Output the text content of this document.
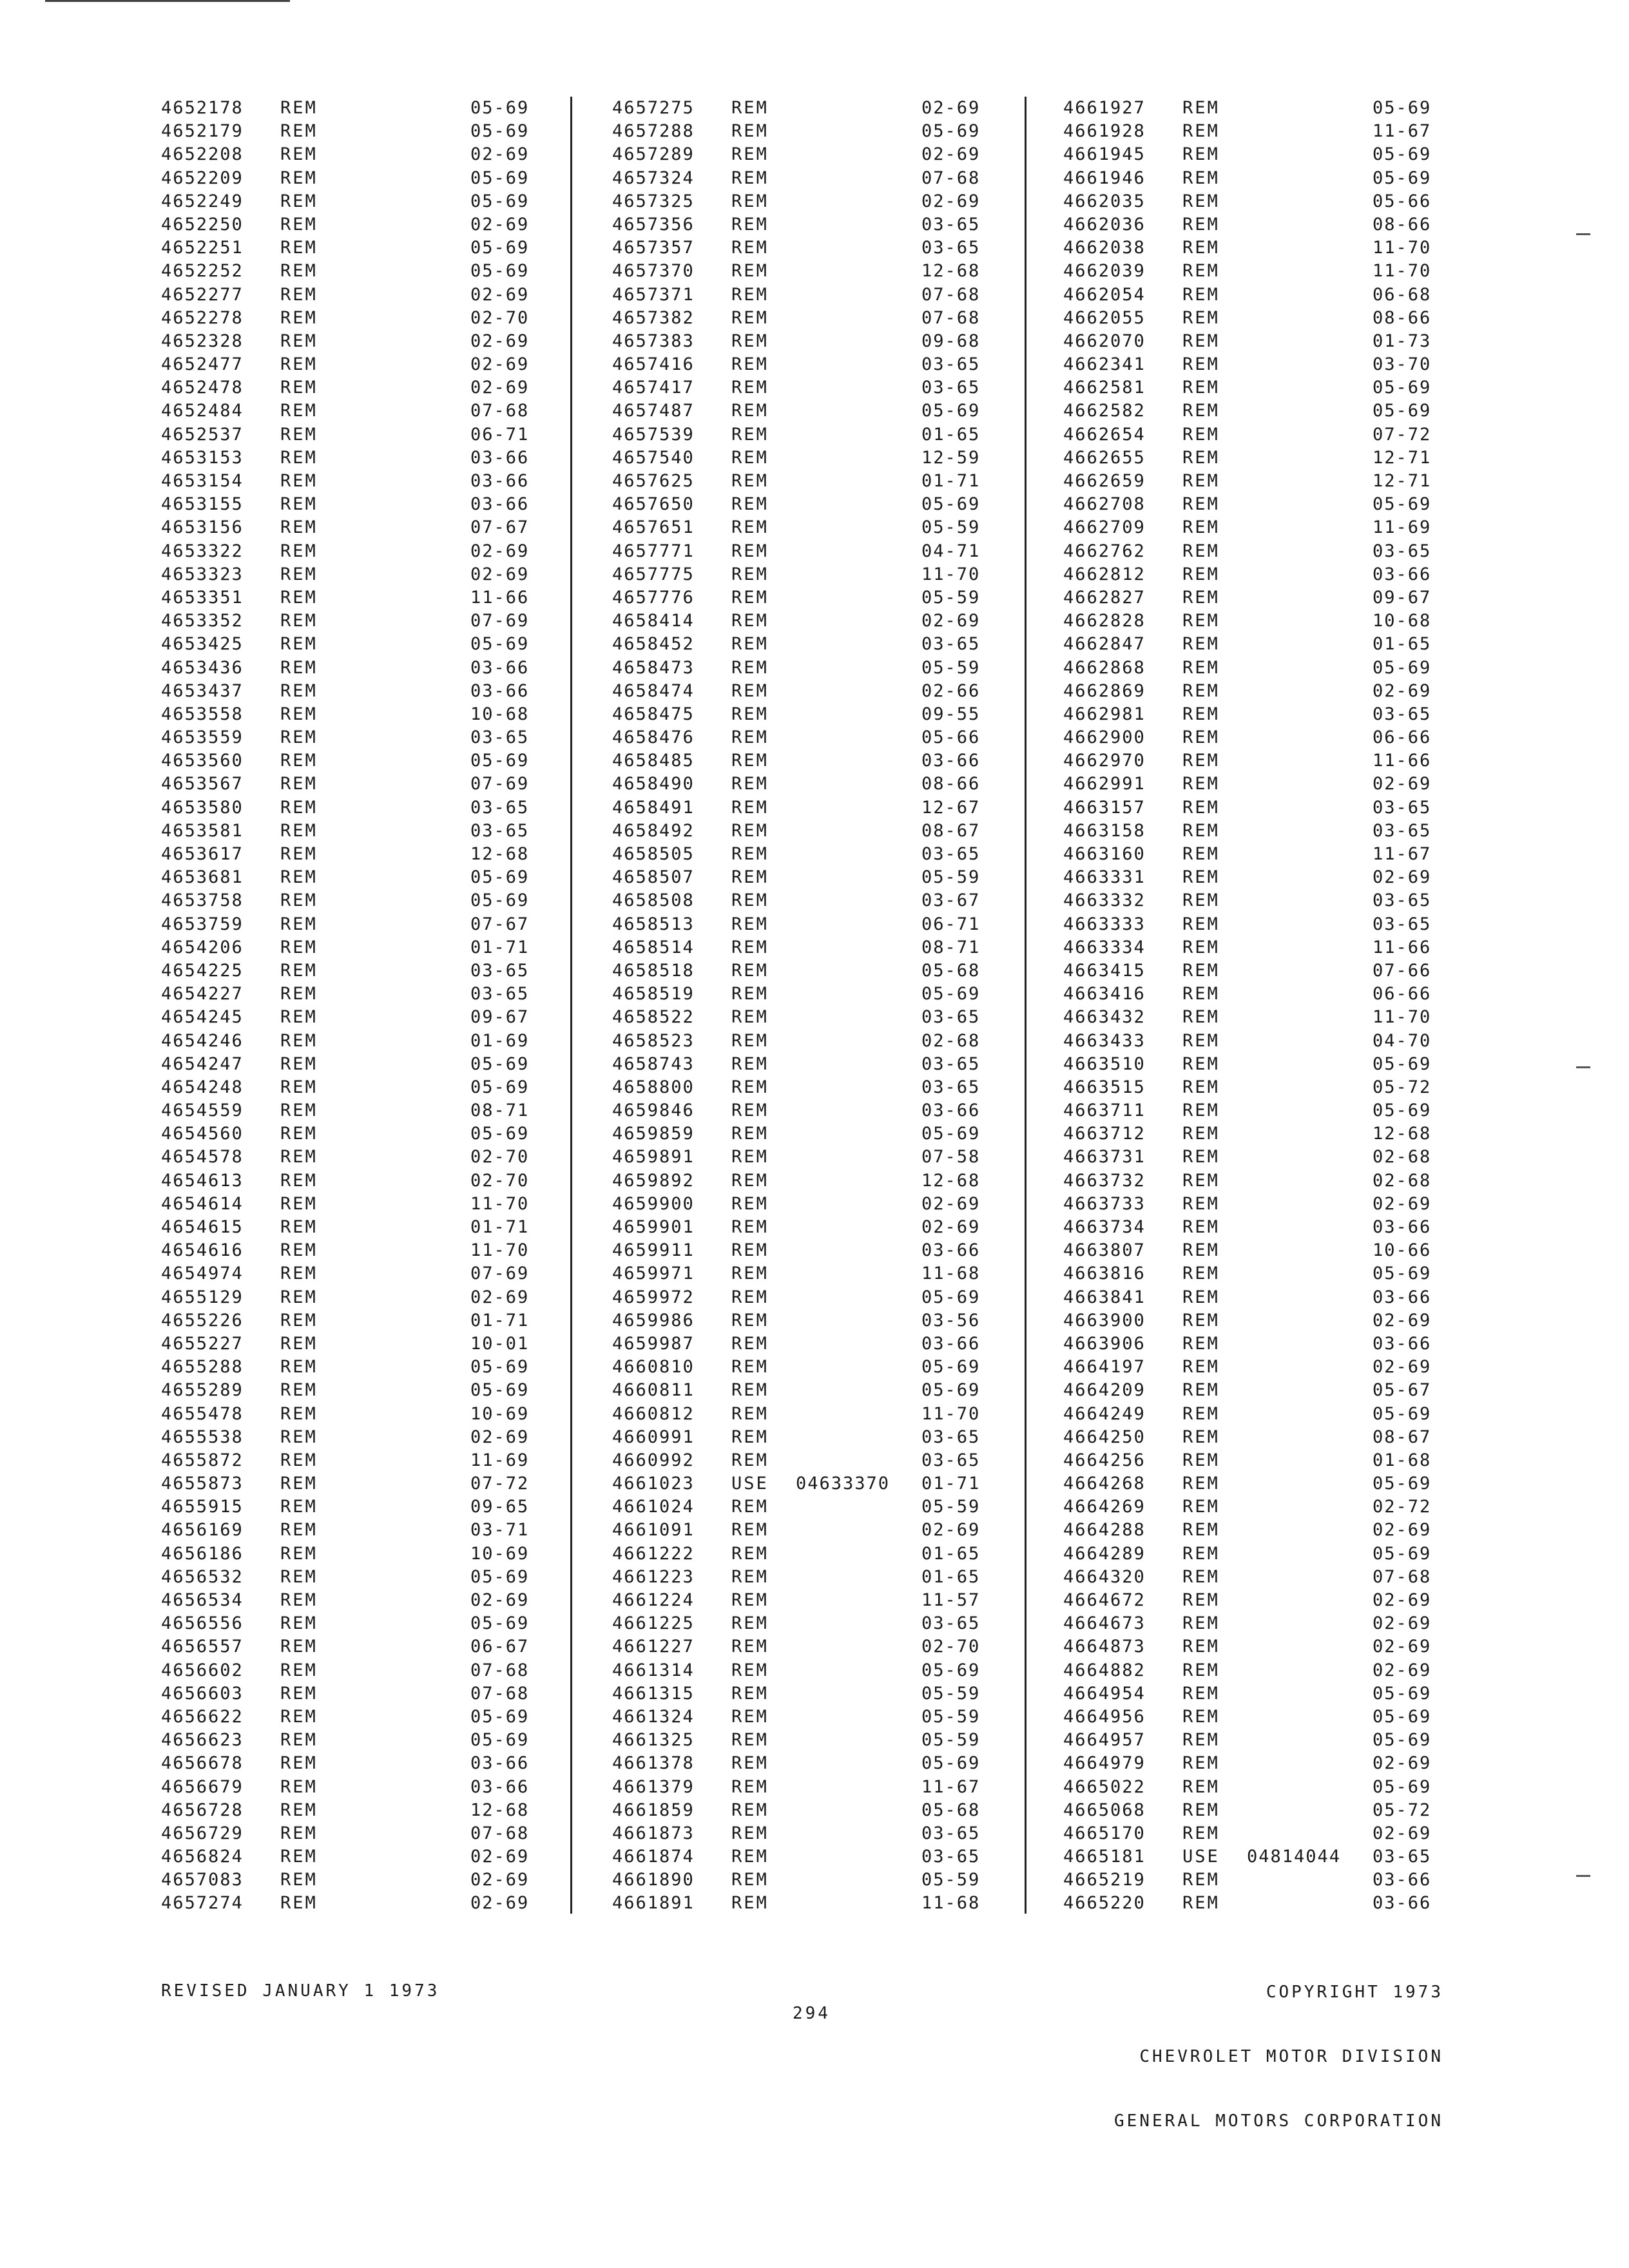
4652178 REM	05-69
4652179 REM	05-69
4652208 REM	02-69
4652209 REM	05-69
4652249 REM	05-69
4652250 REM	02-69
4652251 REM	05-69
4652252 REM	05-69
4652277 REM	02-69
4652278 REM	02-70
4652328 REM	02-69
4652477 REM	02-69
4652478 REM	02-69
4652484 REM	07-68
4652537 REM	06-71
4653153 REM	03-66
4653154 REM	03-66
4653155 REM	03-66
4653156 REM	07-67
4653322 REM	02-69
4653323 REM	02-69
4653351 REM	11-66
4653352 REM	07-69
4653425 REM	05-69
4653436 REM	03-66
4653437 REM	03-66
4653558 REM	10-68
4653559 REM	03-65
4653560 REM	05-69
4653567 REM	07-69
4653580 REM	03-65
4653581 REM	03-65
4653617 REM	12-68
4653681 REM	05-69
4653758 REM	05-69
4653759 REM	07-67
4654206 REM	01-71
4654225 REM	03-65
4654227 REM	03-65
4654245 REM	09-67
4654246 REM	01-69
4654247 REM	05-69
4654248 REM	05-69
4654559 REM	08-71
4654560 REM	05-69
4654578 REM	02-70
4654613 REM	02-70
4654614 REM	11-70
4654615 REM	01-71
4654616 REM	11-70
4654974 REM	07-69
4655129 REM	02-69
4655226 REM	01-71
4655227 REM	10-01
4655288 REM	05-69
4655289 REM	05-69
4655478 REM	10-69
4655538 REM	02-69
4655872 REM	11-69
4655873 REM	07-72
4655915 REM	09-65
4656169 REM	03-71
4656186 REM	10-69
4656532 REM	05-69
4656534 REM	02-69
4656556 REM	05-69
4656557 REM	06-67
4656602 REM	07-68
4656603 REM	07-68
4656622 REM	05-69
4656623 REM	05-69
4656678 REM	03-66
4656679 REM	03-66
4656728 REM	12-68
4656729 REM	07-68
4656824 REM	02-69
4657083 REM	02-69
4657274 REM	02-69
4657275 REM	02-69
4657288 REM	05-69
4657289 REM	02-69
4657324 REM	07-68
4657325 REM	02-69
4657356 REM	03-65
4657357 REM	03-65
4657370 REM	12-68
4657371 REM	07-68
4657382 REM	07-68
4657383 REM	09-68
4657416 REM	03-65
4657417 REM	03-65
4657487 REM	05-69
4657539 REM	01-65
4657540 REM	12-59
4657625 REM	01-71
4657650 REM	05-69
4657651 REM	05-59
4657771 REM	04-71
4657775 REM	11-70
4657776 REM	05-59
4658414 REM	02-69
4658452 REM	03-65
4658473 REM	05-59
4658474 REM	02-66
4658475 REM	09-55
4658476 REM	05-66
4658485 REM	03-66
4658490 REM	08-66
4658491 REM	12-67
4658492 REM	08-67
4658505 REM	03-65
4658507 REM	05-59
4658508 REM	03-67
4658513 REM	06-71
4658514 REM	08-71
4658518 REM	05-68
4658519 REM	05-69
4658522 REM	03-65
4658523 REM	02-68
4658743 REM	03-65
4658800 REM	03-65
4659846 REM	03-66
4659859 REM	05-69
4659891 REM	07-58
4659892 REM	12-68
4659900 REM	02-69
4659901 REM	02-69
4659911 REM	03-66
4659971 REM	11-68
4659972 REM	05-69
4659986 REM	03-56
4659987 REM	03-66
4660810 REM	05-69
4660811 REM	05-69
4660812 REM	11-70
4660991 REM	03-65
4660992 REM	03-65
4661023 USE 04633370 01-71
4661024 REM	05-59
4661091 REM	02-69
4661222 REM	01-65
4661223 REM	01-65
4661224 REM	11-57
4661225 REM	03-65
4661227 REM	02-70
4661314 REM	05-69
4661315 REM	05-59
4661324 REM	05-59
4661325 REM	05-59
4661378 REM	05-69
4661379 REM	11-67
4661859 REM	05-68
4661873 REM	03-65
4661874 REM	03-65
4661890 REM	05-59
4661891 REM	11-68
4661927 REM	05-69
4661928 REM	11-67
4661945 REM	05-69
4661946 REM	05-69
4662035 REM	05-66
4662036 REM	08-66
4662038 REM	11-70
4662039 REM	11-70
4662054 REM	06-68
4662055 REM	08-66
4662070 REM	01-73
4662341 REM	03-70
4662581 REM	05-69
4662582 REM	05-69
4662654 REM	07-72
4662655 REM	12-71
4662659 REM	12-71
4662708 REM	05-69
4662709 REM	11-69
4662762 REM	03-65
4662812 REM	03-66
4662827 REM	09-67
4662828 REM	10-68
4662847 REM	01-65
4662868 REM	05-69
4662869 REM	02-69
4662981 REM	03-65
4662900 REM	06-66
4662970 REM	11-66
4662991 REM	02-69
4663157 REM	03-65
4663158 REM	03-65
4663160 REM	11-67
4663331 REM	02-69
4663332 REM	03-65
4663333 REM	03-65
4663334 REM	11-66
4663415 REM	07-66
4663416 REM	06-66
4663432 REM	11-70
4663433 REM	04-70
4663510 REM	05-69
4663515 REM	05-72
4663711 REM	05-69
4663712 REM	12-68
4663731 REM	02-68
4663732 REM	02-68
4663733 REM	02-69
4663734 REM	03-66
4663807 REM	10-66
4663816 REM	05-69
4663841 REM	03-66
4663900 REM	02-69
4663906 REM	03-66
4664197 REM	02-69
4664209 REM	05-67
4664249 REM	05-69
4664250 REM	08-67
4664256 REM	01-68
4664268 REM	05-69
4664269 REM	02-72
4664288 REM	02-69
4664289 REM	05-69
4664320 REM	07-68
4664672 REM	02-69
4664673 REM	02-69
4664873 REM	02-69
4664882 REM	02-69
4664954 REM	05-69
4664956 REM	05-69
4664957 REM	05-69
4664979 REM	02-69
4665022 REM	05-69
4665068 REM	05-72
4665170 REM	02-69
4665181 USE 04814044 03-65
4665219 REM	03-66
4665220 REM	03-66
REVISED JANUARY 1 1973
294

COPYRIGHT 1973

CHEVROLET MOTOR DIVISION

GENERAL MOTORS CORPORATION
